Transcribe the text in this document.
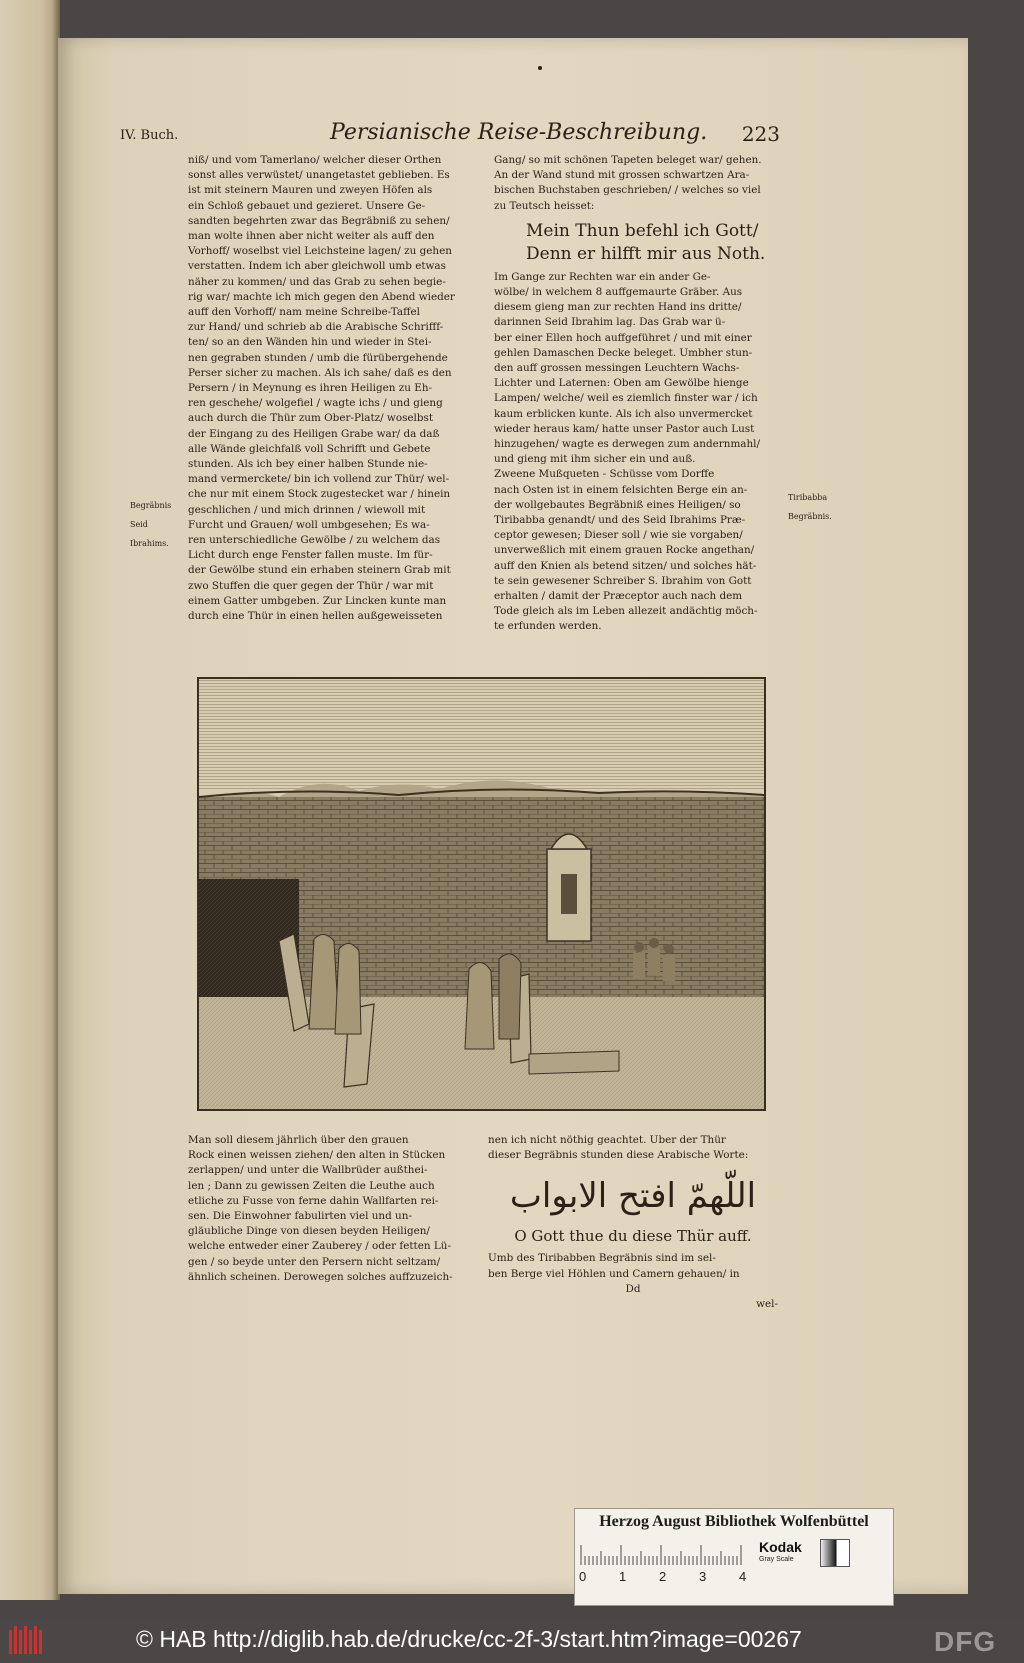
IV. Buch.	Persianische Reise-Beschreibung. 223

niß/ und vom Tamerlano/ welcher dieser Orthen

sonst alles verwüstet/ unangetastet geblieben. Es

ist mit steinern Mauren und zweyen Höfen als

ein Schloß gebauet und gezieret. Unsere Ge-

sandten begehrten zwar das Begräbniß zu sehen/

man wolte ihnen aber nicht weiter als auff den

Vorhoff/ woselbst viel Leichsteine lagen/ zu gehen

verstatten. Indem ich aber gleichwoll umb etwas

näher zu kommen/ und das Grab zu sehen begie-

rig war/ machte ich mich gegen den Abend wieder

auff den Vorhoff/ nam meine Schreibe-Taffel

zur Hand/ und schrieb ab die Arabische Schrifff-

ten/ so an den Wänden hin und wieder in Stei-

nen gegraben stunden / umb die fürübergehende

Perser sicher zu machen. Als ich sahe/ daß es den

Persern / in Meynung es ihren Heiligen zu Eh-

ren geschehe/ wolgefiel / wagte ichs / und gieng

auch durch die Thür zum Ober-Platz/ woselbst

der Eingang zu des Heiligen Grabe war/ da daß

alle Wände gleichfalß voll Schrifft und Gebete

stunden. Als ich bey einer halben Stunde nie-

mand vermerckete/ bin ich vollend zur Thür/ wel-

che nur mit einem Stock zugestecket war / hinein

geschlichen / und mich drinnen / wiewoll mit

Furcht und Grauen/ woll umbgesehen; Es wa-

ren unterschiedliche Gewölbe / zu welchem das

Licht durch enge Fenster fallen muste. Im für-

der Gewölbe stund ein erhaben steinern Grab mit

zwo Stuffen die quer gegen der Thür / war mit

einem Gatter umbgeben. Zur Lincken kunte man

durch eine Thür in einen hellen außgeweisseten

Gang/ so mit schönen Tapeten beleget war/ gehen.

An der Wand stund mit grossen schwartzen Ara-

bischen Buchstaben geschrieben/ / welches so viel

zu Teutsch heisset:

Mein Thun befehl ich Gott/

Denn er hilfft mir aus Noth.

Im Gange zur Rechten war ein ander Ge-

wölbe/ in welchem 8 auffgemaurte Gräber. Aus

diesem gieng man zur rechten Hand ins dritte/

darinnen Seid Ibrahim lag. Das Grab war ü-

ber einer Ellen hoch auffgeführet / und mit einer

gehlen Damaschen Decke beleget. Umbher stun-

den auff grossen messingen Leuchtern Wachs-

Lichter und Laternen: Oben am Gewölbe hienge

Lampen/ welche/ weil es ziemlich finster war / ich

kaum erblicken kunte. Als ich also unvermercket

wieder heraus kam/ hatte unser Pastor auch Lust

hinzugehen/ wagte es derwegen zum andernmahl/

und gieng mit ihm sicher ein und auß.

Zweene Mußqueten - Schüsse vom Dorffe

nach Osten ist in einem felsichten Berge ein an-

der wollgebautes Begräbniß eines Heiligen/ so

Tiribabba genandt/ und des Seid Ibrahims Præ-

ceptor gewesen; Dieser soll / wie sie vorgaben/

unverweßlich mit einem grauen Rocke angethan/

auff den Knien als betend sitzen/ und solches hät-

te sein gewesener Schreiber S. Ibrahim von Gott

erhalten / damit der Præceptor auch nach dem

Tode gleich als im Leben allezeit andächtig möch-

te erfunden werden.

Begräbnis

Seid

Ibrahims.

Tiribabba

Begräbnis.

Man soll diesem jährlich über den grauen

Rock einen weissen ziehen/ den alten in Stücken

zerlappen/ und unter die Wallbrüder außthei-

len ; Dann zu gewissen Zeiten die Leuthe auch

etliche zu Fusse von ferne dahin Wallfarten rei-

sen. Die Einwohner fabulirten viel und un-

gläubliche Dinge von diesen beyden Heiligen/

welche entweder einer Zauberey / oder fetten Lü-

gen / so beyde unter den Persern nicht seltzam/

ähnlich scheinen. Derowegen solches auffzuzeich-

nen ich nicht nöthig geachtet. Uber der Thür

dieser Begräbnis stunden diese Arabische Worte:

اللّهمّ افتح الابواب
O Gott thue du diese Thür auff.

Umb des Tiribabben Begräbnis sind im sel-

ben Berge viel Höhlen und Camern gehauen/ in

Dd

wel-

Herzog August Bibliothek Wolfenbüttel
0	1	2	3	4
Kodak
Gray Scale
© HAB http://diglib.hab.de/drucke/cc-2f-3/start.htm?image=00267	DFG
